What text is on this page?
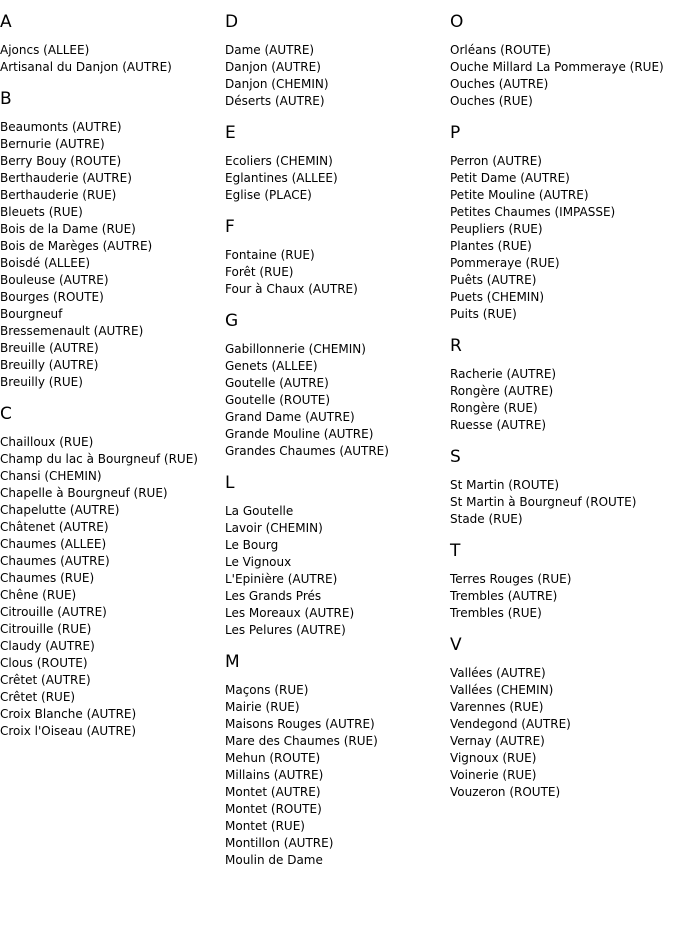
A
Ajoncs (ALLEE)
Artisanal du Danjon (AUTRE)
B
Beaumonts (AUTRE)
Bernurie (AUTRE)
Berry Bouy (ROUTE)
Berthauderie (AUTRE)
Berthauderie (RUE)
Bleuets (RUE)
Bois de la Dame (RUE)
Bois de Marèges (AUTRE)
Boisdé (ALLEE)
Bouleuse (AUTRE)
Bourges (ROUTE)
Bourgneuf
Bressemenault (AUTRE)
Breuille (AUTRE)
Breuilly (AUTRE)
Breuilly (RUE)
C
Chailloux (RUE)
Champ du lac à Bourgneuf (RUE)
Chansi (CHEMIN)
Chapelle à Bourgneuf (RUE)
Chapelutte (AUTRE)
Châtenet (AUTRE)
Chaumes (ALLEE)
Chaumes (AUTRE)
Chaumes (RUE)
Chêne (RUE)
Citrouille (AUTRE)
Citrouille (RUE)
Claudy (AUTRE)
Clous (ROUTE)
Crêtet (AUTRE)
Crêtet (RUE)
Croix Blanche (AUTRE)
Croix l'Oiseau (AUTRE)
D
Dame (AUTRE)
Danjon (AUTRE)
Danjon (CHEMIN)
Déserts (AUTRE)
E
Ecoliers (CHEMIN)
Eglantines (ALLEE)
Eglise (PLACE)
F
Fontaine (RUE)
Forêt (RUE)
Four à Chaux (AUTRE)
G
Gabillonnerie (CHEMIN)
Genets (ALLEE)
Goutelle (AUTRE)
Goutelle (ROUTE)
Grand Dame (AUTRE)
Grande Mouline (AUTRE)
Grandes Chaumes (AUTRE)
L
La Goutelle
Lavoir (CHEMIN)
Le Bourg
Le Vignoux
L'Epinière (AUTRE)
Les Grands Prés
Les Moreaux (AUTRE)
Les Pelures (AUTRE)
M
Maçons (RUE)
Mairie (RUE)
Maisons Rouges (AUTRE)
Mare des Chaumes (RUE)
Mehun (ROUTE)
Millains (AUTRE)
Montet (AUTRE)
Montet (ROUTE)
Montet (RUE)
Montillon (AUTRE)
Moulin de Dame
O
Orléans (ROUTE)
Ouche Millard La Pommeraye (RUE)
Ouches (AUTRE)
Ouches (RUE)
P
Perron (AUTRE)
Petit Dame (AUTRE)
Petite Mouline (AUTRE)
Petites Chaumes (IMPASSE)
Peupliers (RUE)
Plantes (RUE)
Pommeraye (RUE)
Puêts (AUTRE)
Puets (CHEMIN)
Puits (RUE)
R
Racherie (AUTRE)
Rongère (AUTRE)
Rongère (RUE)
Ruesse (AUTRE)
S
St Martin (ROUTE)
St Martin à Bourgneuf (ROUTE)
Stade (RUE)
T
Terres Rouges (RUE)
Trembles (AUTRE)
Trembles (RUE)
V
Vallées (AUTRE)
Vallées (CHEMIN)
Varennes (RUE)
Vendegond (AUTRE)
Vernay (AUTRE)
Vignoux (RUE)
Voinerie (RUE)
Vouzeron (ROUTE)
